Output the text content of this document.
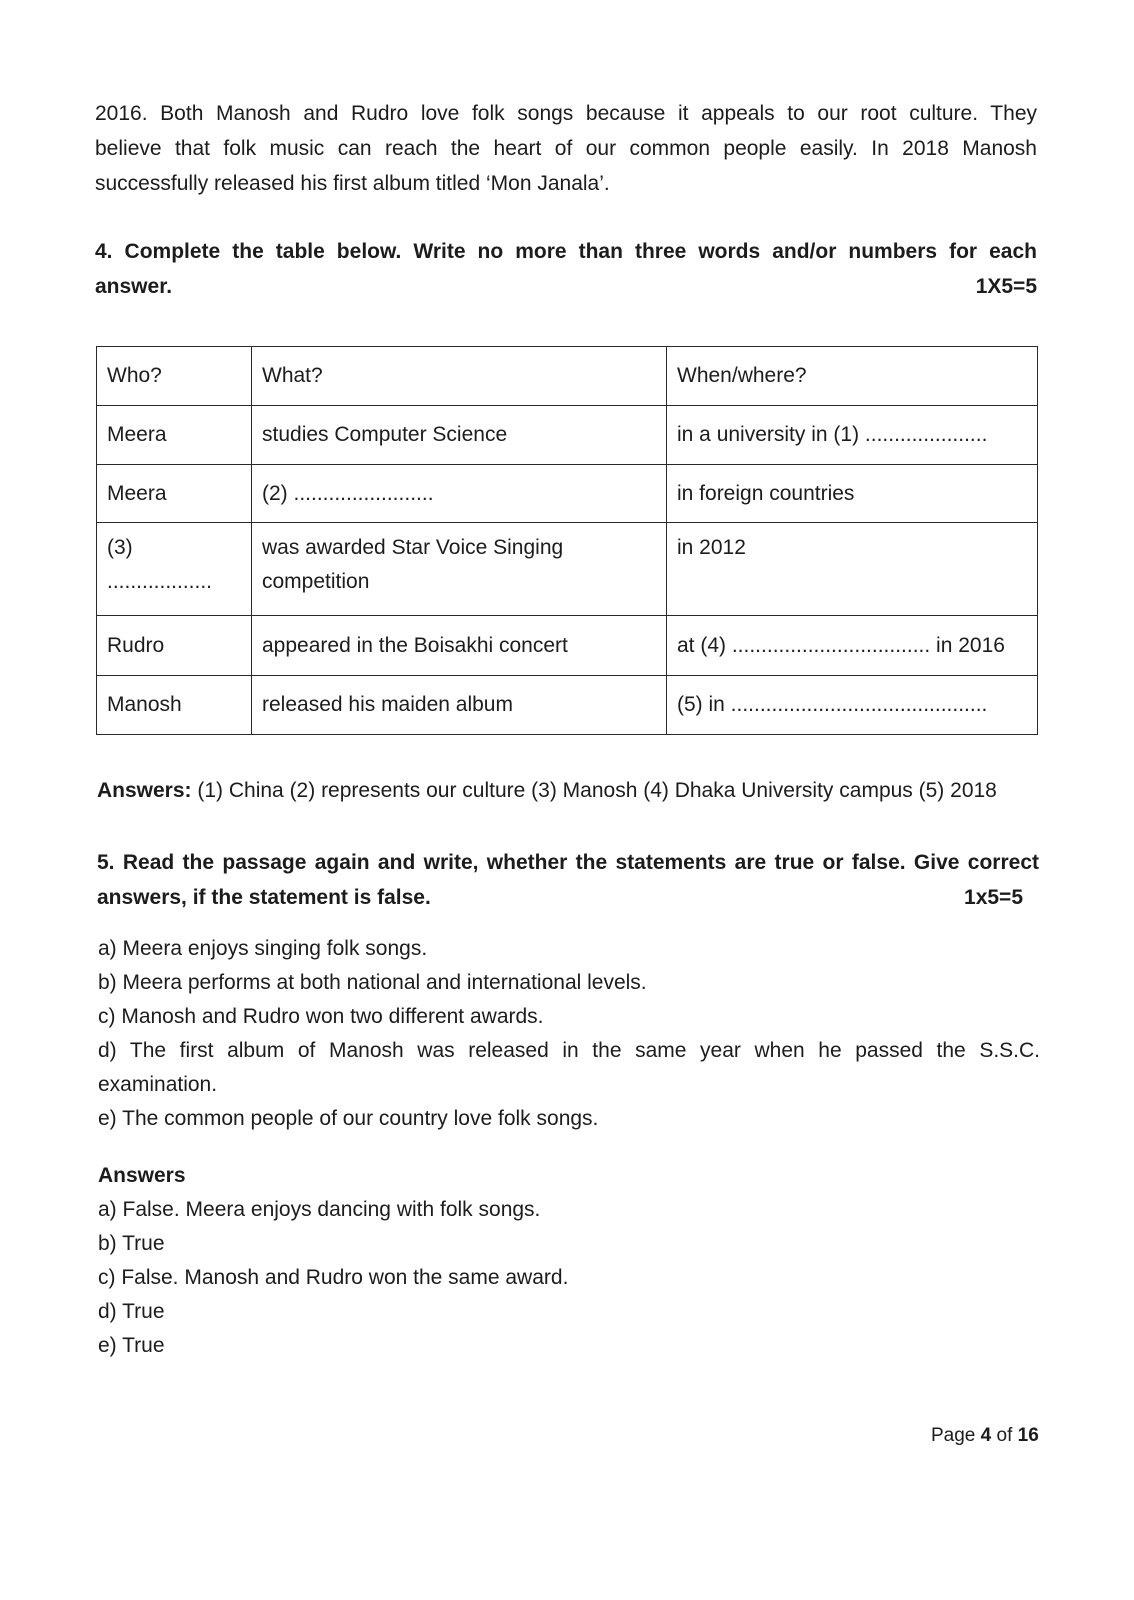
2016. Both Manosh and Rudro love folk songs because it appeals to our root culture. They

believe that folk music can reach the heart of our common people easily. In 2018 Manosh

successfully released his first album titled ‘Mon Janala’.

4. Complete the table below. Write no more than three words and/or numbers for each

answer.	1X5=5
Who?	What?	When/where?
Meera	studies Computer Science	in a university in (1) .....................
Meera	(2) ........................	in foreign countries
(3) ..................	was awarded Star Voice Singing competition	in 2012
Rudro	appeared in the Boisakhi concert	at (4) .................................. in 2016
Manosh	released his maiden album	(5) in ............................................
Answers: (1) China (2) represents our culture (3) Manosh (4) Dhaka University campus (5) 2018

5. Read the passage again and write, whether the statements are true or false. Give correct

answers, if the statement is false.	1x5=5

a) Meera enjoys singing folk songs.

b) Meera performs at both national and international levels.

c) Manosh and Rudro won two different awards.

d) The first album of Manosh was released in the same year when he passed the S.S.C.

examination.

e) The common people of our country love folk songs.

Answers

a) False. Meera enjoys dancing with folk songs.

b) True

c) False. Manosh and Rudro won the same award.

d) True

e) True

Page 4 of 16
